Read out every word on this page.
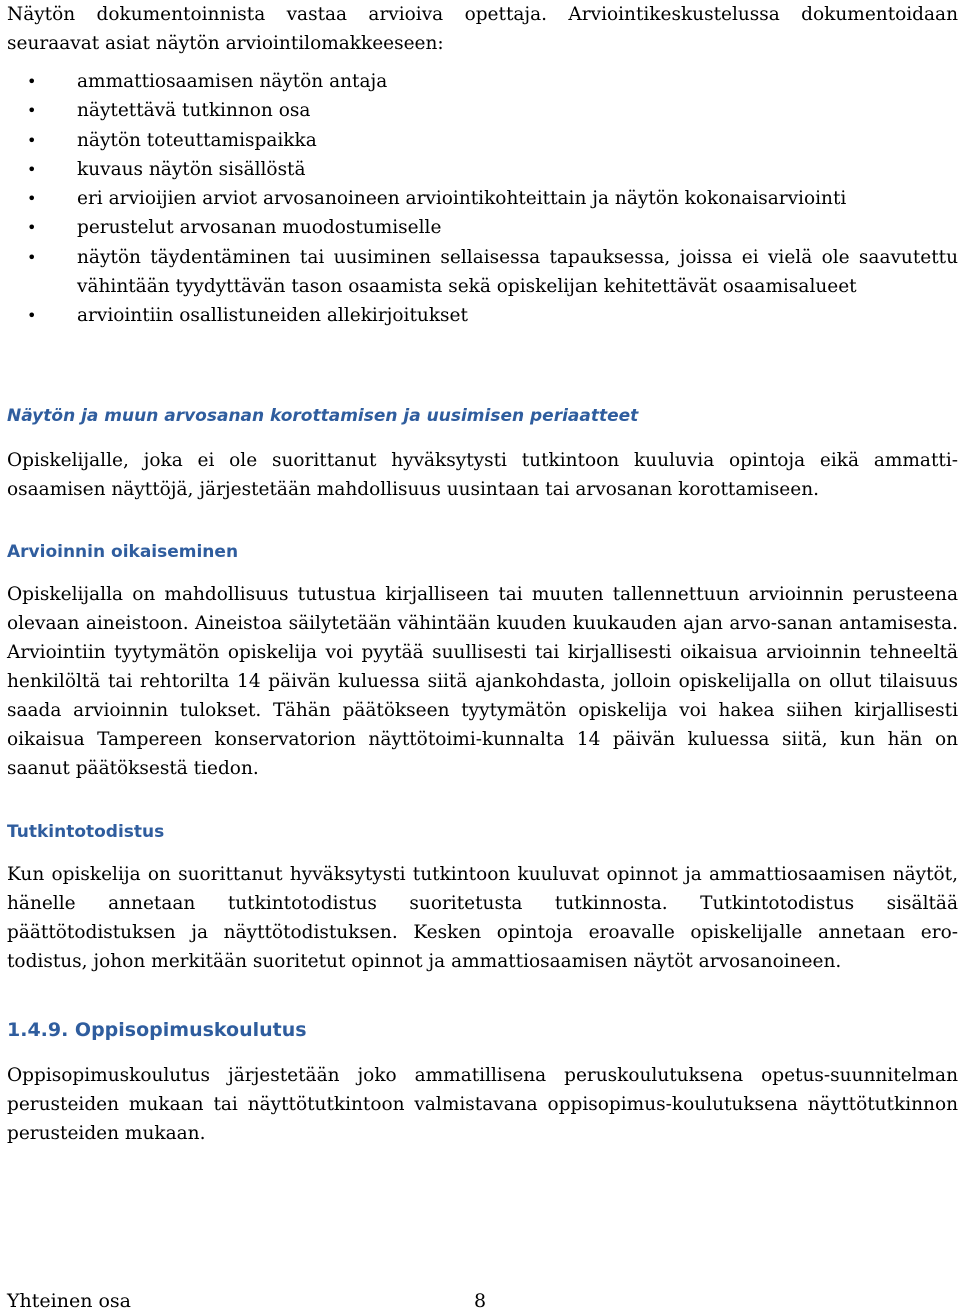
Näytön dokumentoinnista vastaa arvioiva opettaja. Arviointikeskustelussa dokumentoidaan seuraavat asiat näytön arviointilomakkeeseen:

• ammattiosaamisen näytön antaja
• näytettävä tutkinnon osa
• näytön toteuttamispaikka
• kuvaus näytön sisällöstä
• eri arvioijien arviot arvosanoineen arviointikohteittain ja näytön kokonaisarviointi
• perustelut arvosanan muodostumiselle
• näytön täydentäminen tai uusiminen sellaisessa tapauksessa, joissa ei vielä ole saavutettu vähintään tyydyttävän tason osaamista sekä opiskelijan kehitettävät osaamisalueet
• arviointiin osallistuneiden allekirjoitukset
Näytön ja muun arvosanan korottamisen ja uusimisen periaatteet

Opiskelijalle, joka ei ole suorittanut hyväksytysti tutkintoon kuuluvia opintoja eikä ammatti-osaamisen näyttöjä, järjestetään mahdollisuus uusintaan tai arvosanan korottamiseen.

Arvioinnin oikaiseminen

Opiskelijalla on mahdollisuus tutustua kirjalliseen tai muuten tallennettuun arvioinnin perusteena olevaan aineistoon. Aineistoa säilytetään vähintään kuuden kuukauden ajan arvo-sanan antamisesta. Arviointiin tyytymätön opiskelija voi pyytää suullisesti tai kirjallisesti oikaisua arvioinnin tehneeltä henkilöltä tai rehtorilta 14 päivän kuluessa siitä ajankohdasta, jolloin opiskelijalla on ollut tilaisuus saada arvioinnin tulokset. Tähän päätökseen tyytymätön opiskelija voi hakea siihen kirjallisesti oikaisua Tampereen konservatorion näyttötoimi-kunnalta 14 päivän kuluessa siitä, kun hän on saanut päätöksestä tiedon.

Tutkintotodistus

Kun opiskelija on suorittanut hyväksytysti tutkintoon kuuluvat opinnot ja ammattiosaamisen näytöt, hänelle annetaan tutkintotodistus suoritetusta tutkinnosta. Tutkintotodistus sisältää päättötodistuksen ja näyttötodistuksen. Kesken opintoja eroavalle opiskelijalle annetaan ero-todistus, johon merkitään suoritetut opinnot ja ammattiosaamisen näytöt arvosanoineen.

1.4.9. Oppisopimuskoulutus

Oppisopimuskoulutus järjestetään joko ammatillisena peruskoulutuksena opetus-suunnitelman perusteiden mukaan tai näyttötutkintoon valmistavana oppisopimus-koulutuksena näyttötutkinnon perusteiden mukaan.

Yhteinen osa	8
